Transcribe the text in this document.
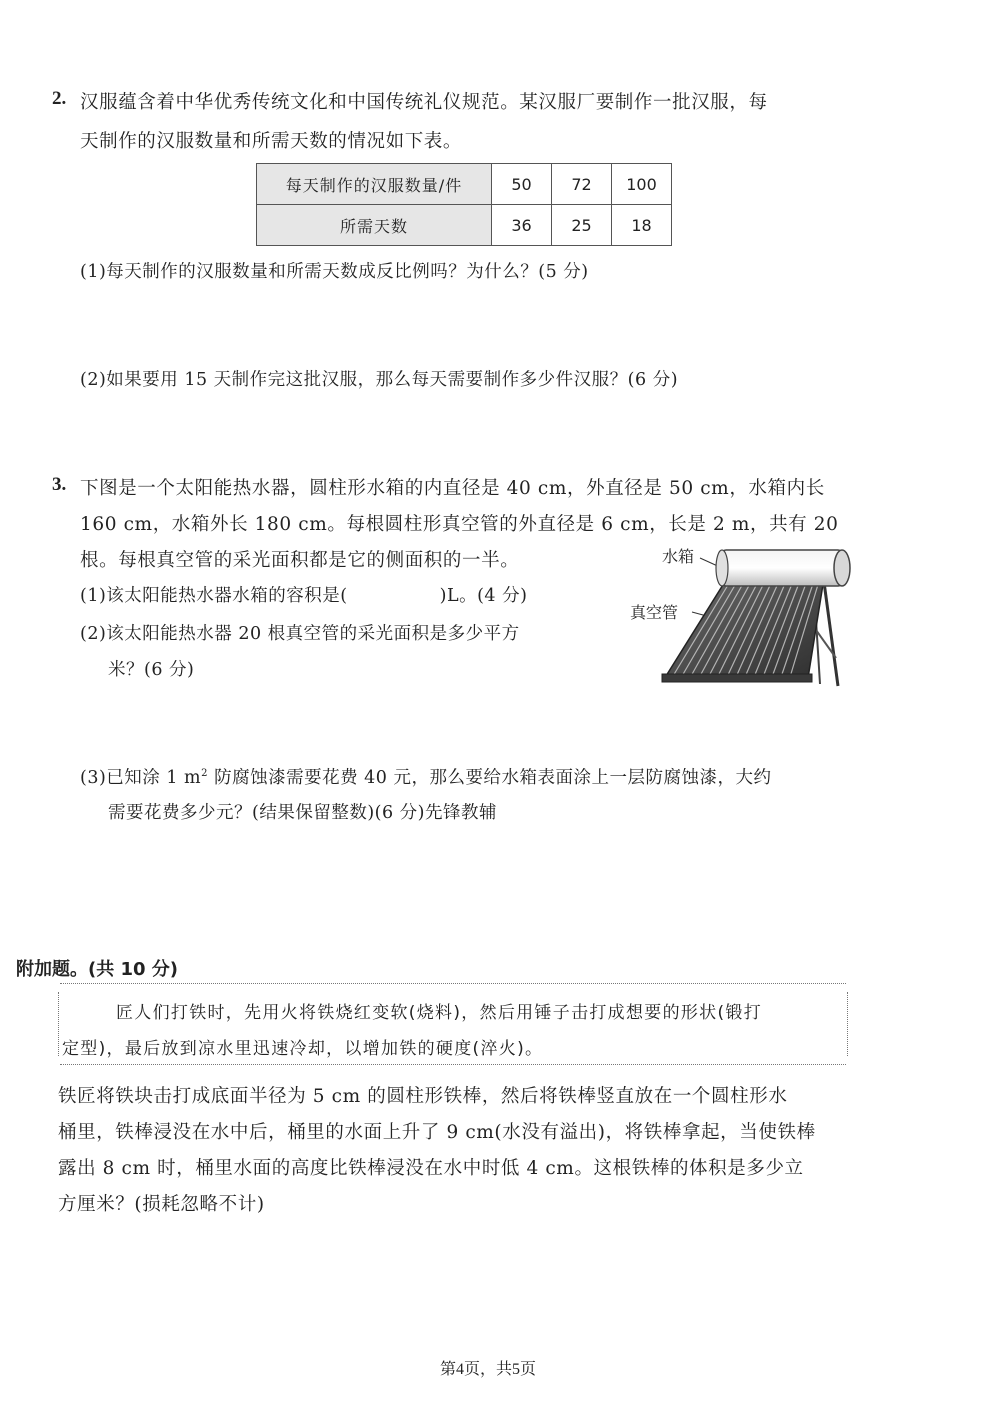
2. 汉服蕴含着中华优秀传统文化和中国传统礼仪规范。某汉服厂要制作一批汉服，每
天制作的汉服数量和所需天数的情况如下表。
每天制作的汉服数量/件	50	72	100
所需天数	36	25	18
(1)每天制作的汉服数量和所需天数成反比例吗？为什么？(5 分)
(2)如果要用 15 天制作完这批汉服，那么每天需要制作多少件汉服？(6 分)
3. 下图是一个太阳能热水器，圆柱形水箱的内直径是 40 cm，外直径是 50 cm，水箱内长
160 cm，水箱外长 180 cm。每根圆柱形真空管的外直径是 6 cm，长是 2 m，共有 20
根。每根真空管的采光面积都是它的侧面积的一半。
(1)该太阳能热水器水箱的容积是(	)L。(4 分)
(2)该太阳能热水器 20 根真空管的采光面积是多少平方
米？(6 分)
水箱
真空管
(3)已知涂 1 $m^2$ 防腐蚀漆需要花费 40 元，那么要给水箱表面涂上一层防腐蚀漆，大约
需要花费多少元？(结果保留整数)(6 分)先锋教辅
附加题。(共 10 分)
匠人们打铁时，先用火将铁烧红变软(烧料)，然后用锤子击打成想要的形状(锻打
定型)，最后放到凉水里迅速冷却，以增加铁的硬度(淬火)。
铁匠将铁块击打成底面半径为 5 cm 的圆柱形铁棒，然后将铁棒竖直放在一个圆柱形水
桶里，铁棒浸没在水中后，桶里的水面上升了 9 cm(水没有溢出)，将铁棒拿起，当使铁棒
露出 8 cm 时，桶里水面的高度比铁棒浸没在水中时低 4 cm。这根铁棒的体积是多少立
方厘米？(损耗忽略不计)
第4页，共5页
